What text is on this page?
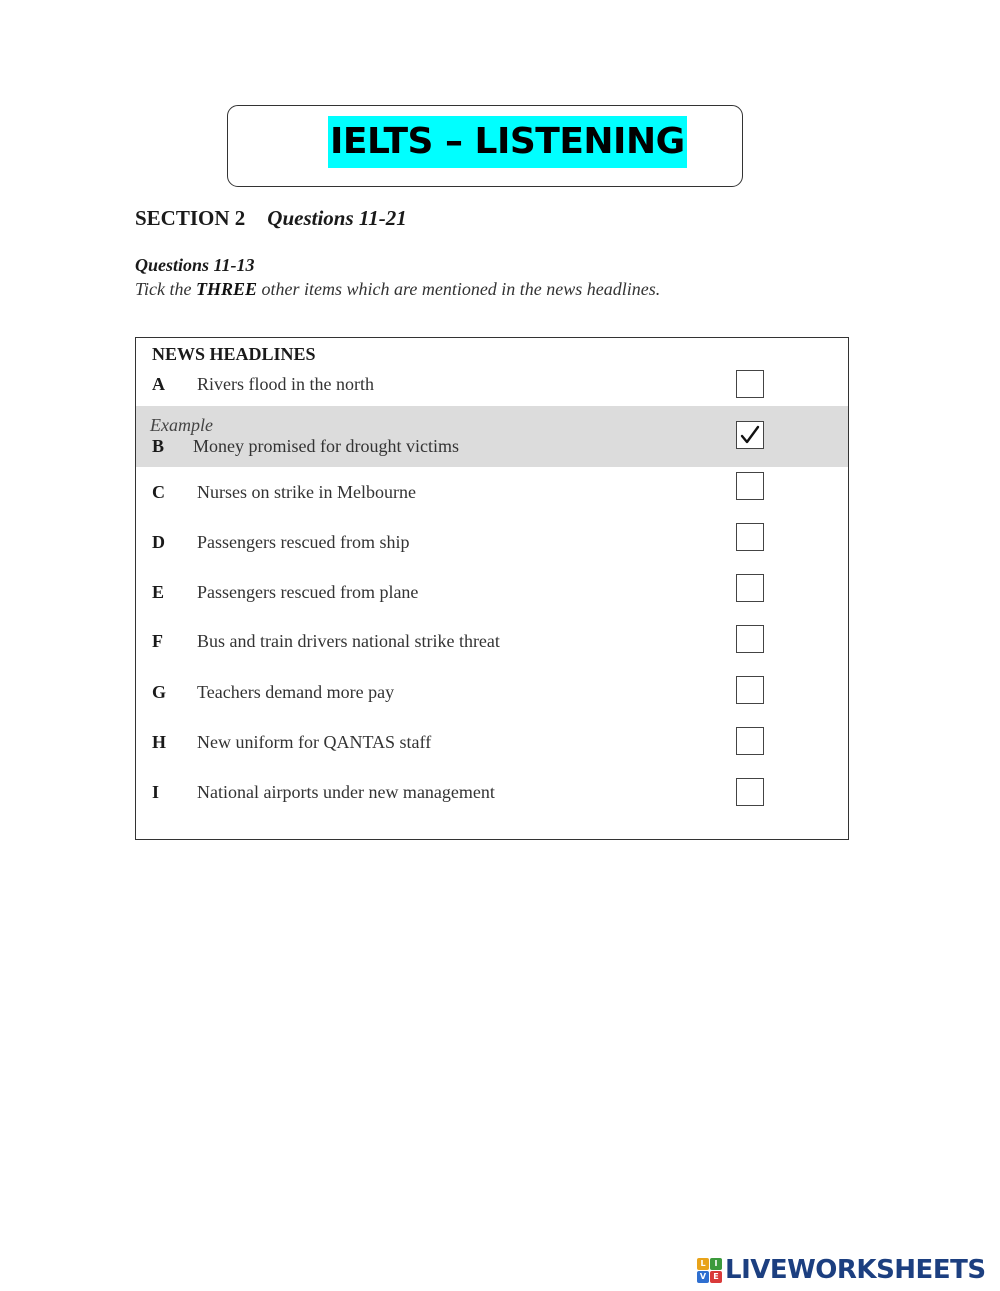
IELTS – LISTENING
SECTION 2 Questions 11-21
Questions 11-13
Tick the THREE other items which are mentioned in the news headlines.
NEWS HEADLINES
Example
A Rivers flood in the north
B Money promised for drought victims
C Nurses on strike in Melbourne
D Passengers rescued from ship
E Passengers rescued from plane
F Bus and train drivers national strike threat
G Teachers demand more pay
H New uniform for QANTAS staff
I National airports under new management
L	I
V E LIVEWORKSHEETS
